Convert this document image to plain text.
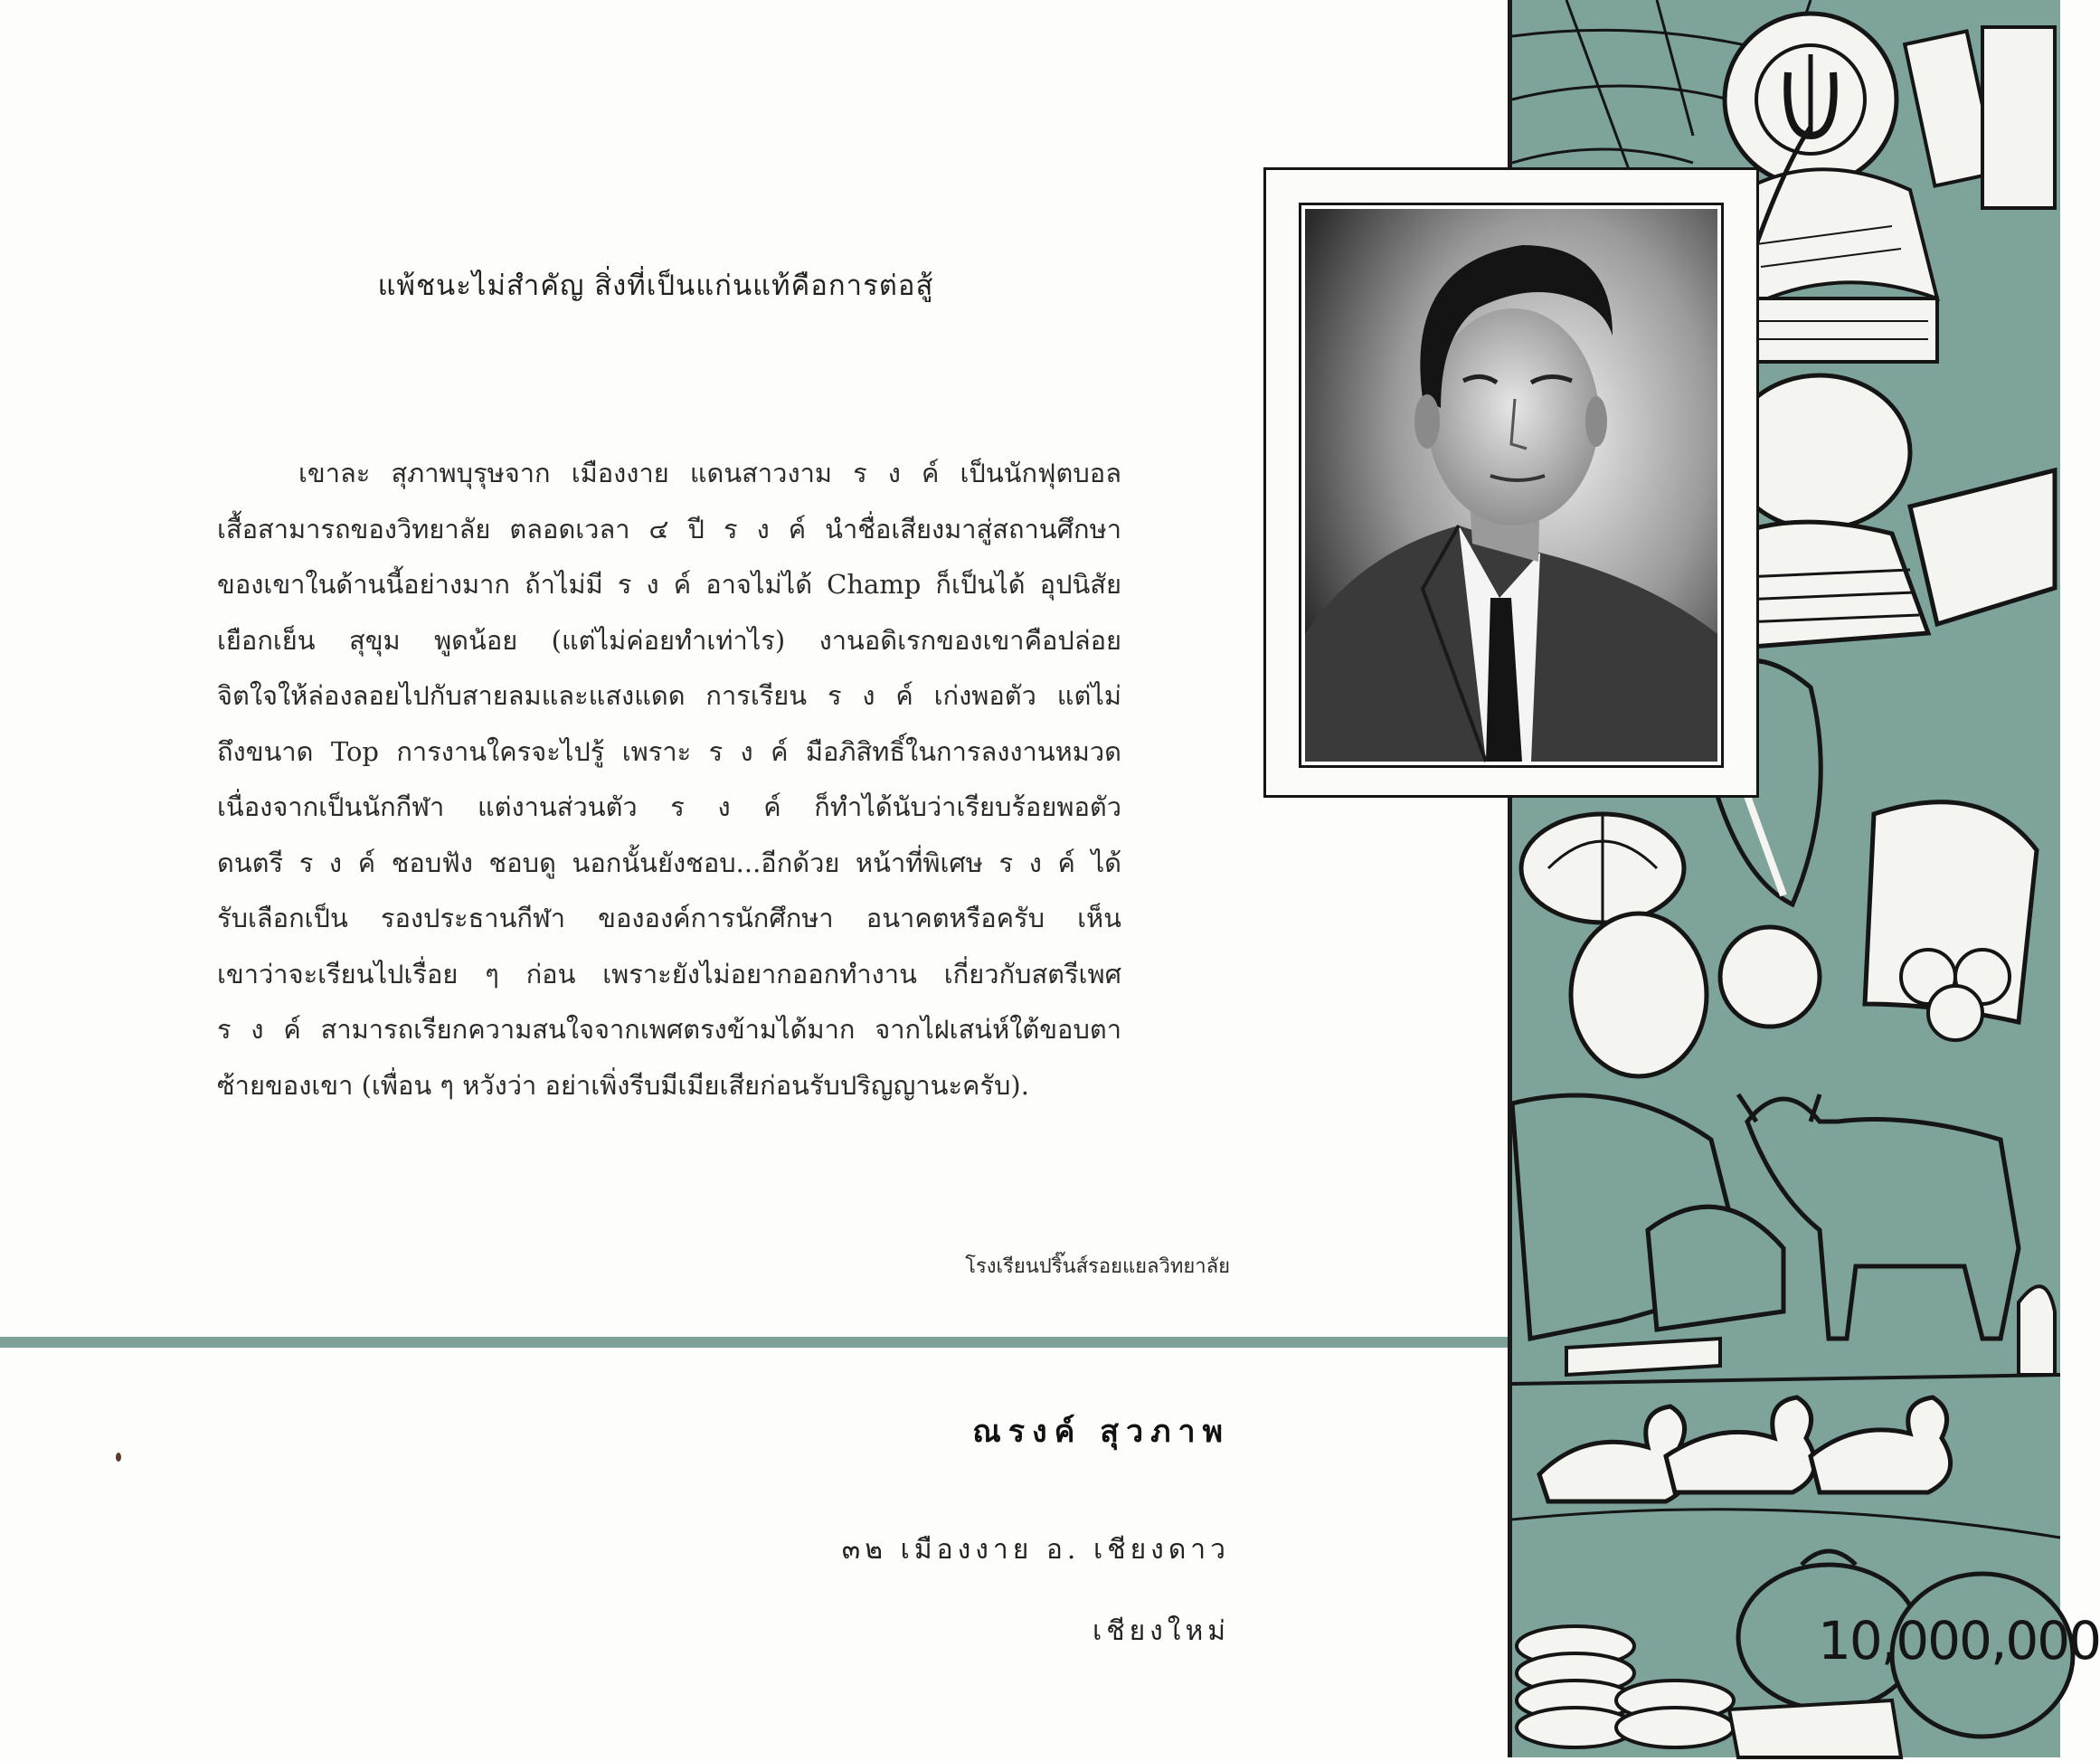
แพ้ชนะไม่สำคัญ สิ่งที่เป็นแก่นแท้คือการต่อสู้
เขาละ สุภาพบุรุษจาก เมืองงาย แดนสาวงาม ร ง ค์ เป็นนักฟุตบอล
เสื้อสามารถของวิทยาลัย ตลอดเวลา ๔ ปี ร ง ค์ นำชื่อเสียงมาสู่สถานศึกษา
ของเขาในด้านนี้อย่างมาก ถ้าไม่มี ร ง ค์ อาจไม่ได้ Champ ก็เป็นได้ อุปนิสัย
เยือกเย็น สุขุม พูดน้อย (แต่ไม่ค่อยทำเท่าไร) งานอดิเรกของเขาคือปล่อย
จิตใจให้ล่องลอยไปกับสายลมและแสงแดด การเรียน ร ง ค์ เก่งพอตัว แต่ไม่
ถึงขนาด Top การงานใครจะไปรู้ เพราะ ร ง ค์ มือภิสิทธิ์ในการลงงานหมวด
เนื่องจากเป็นนักกีฬา แต่งานส่วนตัว ร ง ค์ ก็ทำได้นับว่าเรียบร้อยพอตัว
ดนตรี ร ง ค์ ชอบฟัง ชอบดู นอกนั้นยังชอบ...อีกด้วย หน้าที่พิเศษ ร ง ค์ ได้
รับเลือกเป็น รองประธานกีฬา ขององค์การนักศึกษา อนาคตหรือครับ เห็น
เขาว่าจะเรียนไปเรื่อย ๆ ก่อน เพราะยังไม่อยากออกทำงาน เกี่ยวกับสตรีเพศ
ร ง ค์ สามารถเรียกความสนใจจากเพศตรงข้ามได้มาก จากไฝเสน่ห์ใต้ขอบตา
ซ้ายของเขา (เพื่อน ๆ หวังว่า อย่าเพิ่งรีบมีเมียเสียก่อนรับปริญญานะครับ).
โรงเรียนปริ๊นส์รอยแยลวิทยาลัย
ณรงค์ สุวภาพ
๓๒ เมืองงาย อ. เชียงดาว
เชียงใหม่	10,000,000
